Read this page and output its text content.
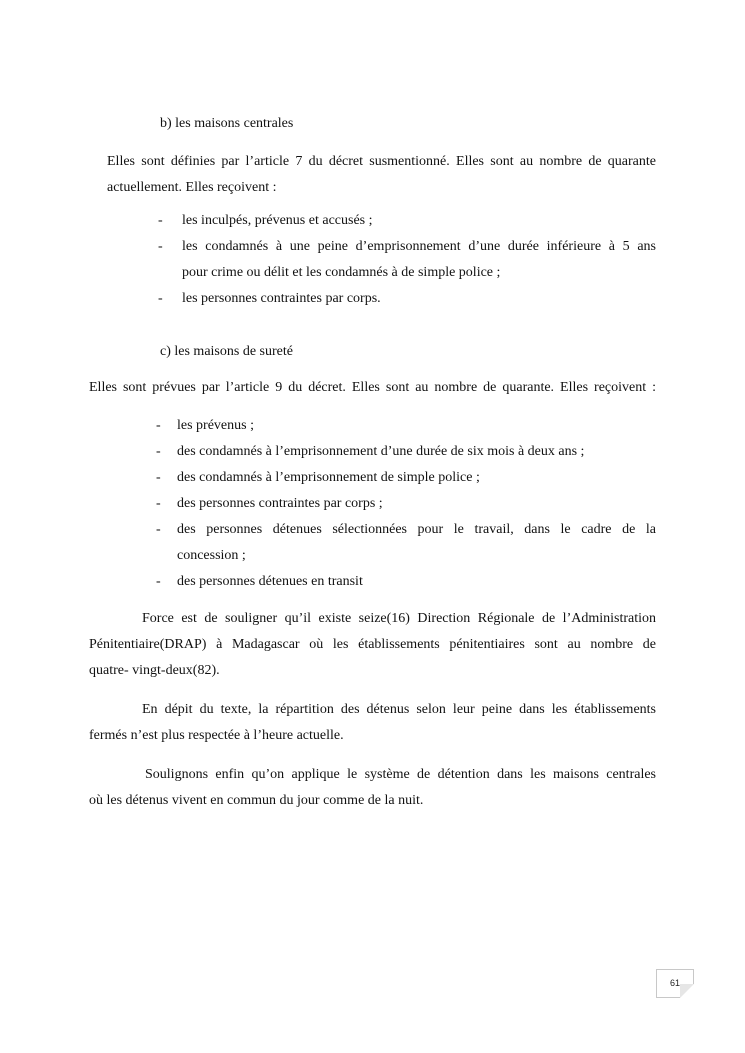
b) les maisons centrales
Elles sont définies par l’article 7 du décret susmentionné. Elles sont au nombre de quarante
actuellement. Elles reçoivent :
- les inculpés, prévenus et accusés ;
- les condamnés à une peine d’emprisonnement d’une durée inférieure à 5 ans
pour crime ou délit et les condamnés à de simple police ;
- les personnes contraintes par corps.
c) les maisons de sureté
Elles sont prévues par l’article 9 du décret. Elles sont au nombre de quarante. Elles reçoivent :
- les prévenus ;
- des condamnés à l’emprisonnement d’une durée de six mois à deux ans ;
- des condamnés à l’emprisonnement de simple police ;
- des personnes contraintes par corps ;
- des personnes détenues sélectionnées pour le travail, dans le cadre de la
concession ;
- des personnes détenues en transit
Force est de souligner qu’il existe seize(16) Direction Régionale de l’Administration
Pénitentiaire(DRAP) à Madagascar où les établissements pénitentiaires sont au nombre de
quatre- vingt-deux(82).
En dépit du texte, la répartition des détenus selon leur peine dans les établissements
fermés n’est plus respectée à l’heure actuelle.
Soulignons enfin qu’on applique le système de détention dans les maisons centrales
où les détenus vivent en commun du jour comme de la nuit.
61
